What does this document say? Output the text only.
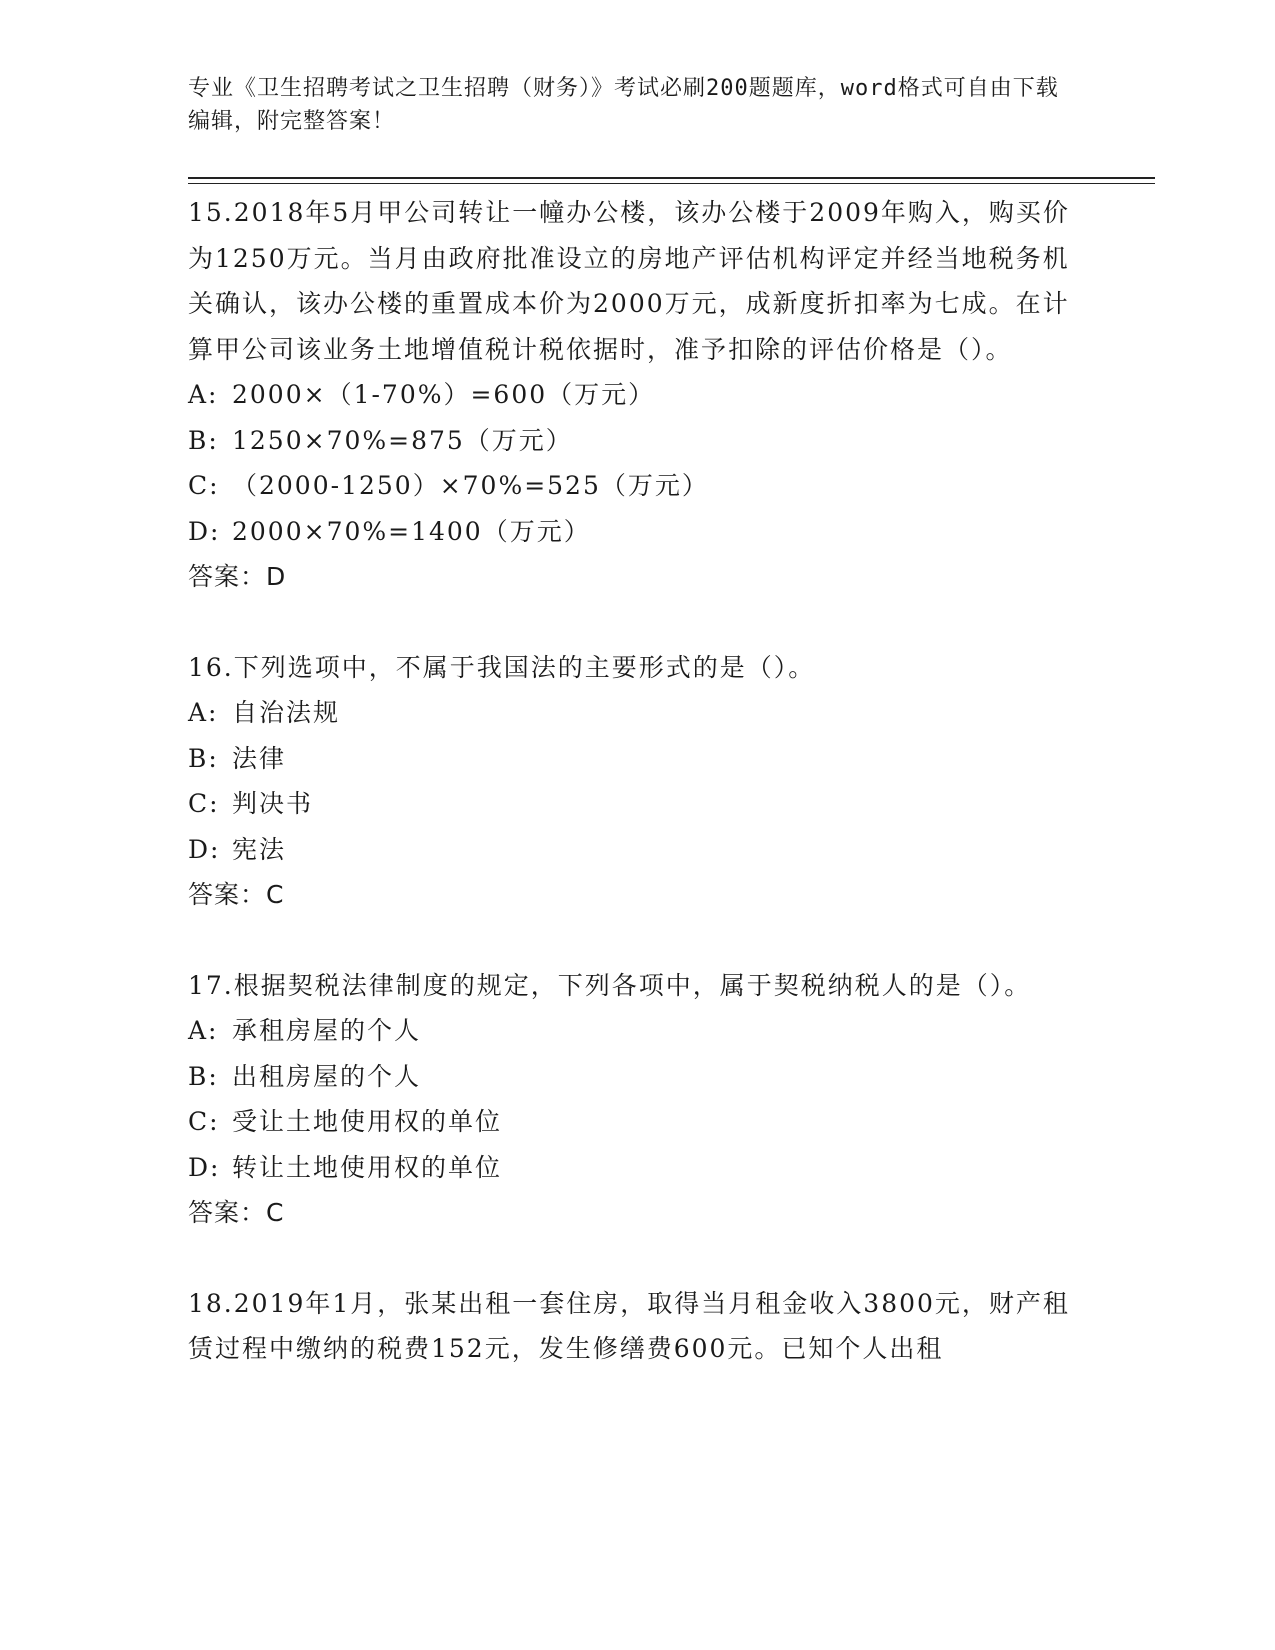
专业《卫生招聘考试之卫生招聘（财务）》考试必刷200题题库，word格式可自由下载编辑，附完整答案！

15.2018年5月甲公司转让一幢办公楼，该办公楼于2009年购入，购买价为1250万元。当月由政府批准设立的房地产评估机构评定并经当地税务机关确认，该办公楼的重置成本价为2000万元，成新度折扣率为七成。在计算甲公司该业务土地增值税计税依据时，准予扣除的评估价格是（）。

A: 2000×（1-70%）=600（万元）

B: 1250×70%=875（万元）

C: （2000-1250）×70%=525（万元）

D: 2000×70%=1400（万元）

答案：D

16.下列选项中，不属于我国法的主要形式的是（）。

A: 自治法规

B: 法律

C: 判决书

D: 宪法

答案：C

17.根据契税法律制度的规定，下列各项中，属于契税纳税人的是（）。

A: 承租房屋的个人

B: 出租房屋的个人

C: 受让土地使用权的单位

D: 转让土地使用权的单位

答案：C

18.2019年1月，张某出租一套住房，取得当月租金收入3800元，财产租赁过程中缴纳的税费152元，发生修缮费600元。已知个人出租
